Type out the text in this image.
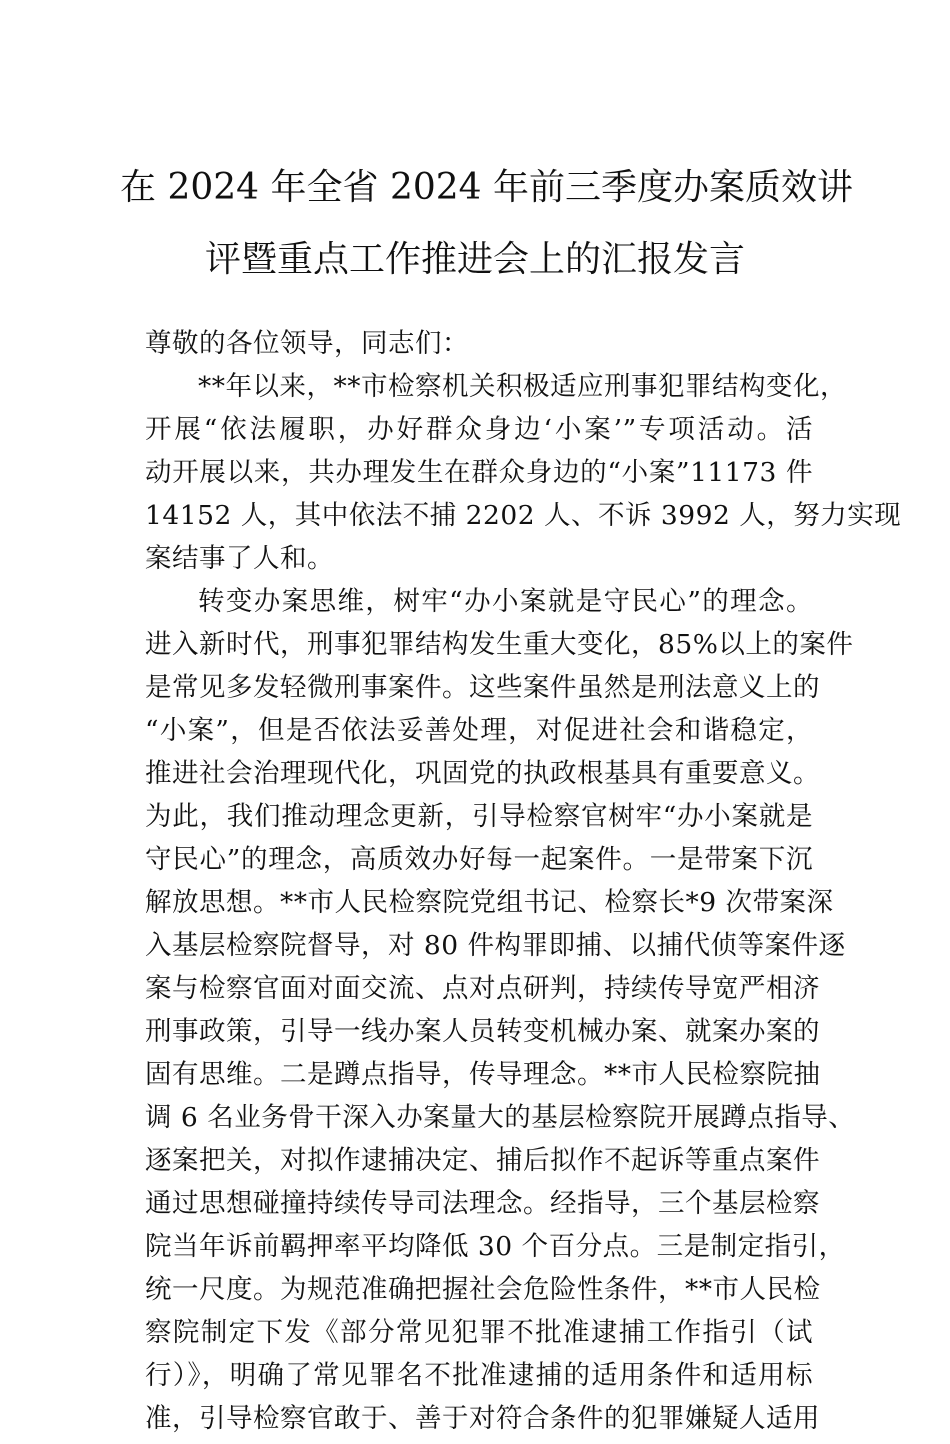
在 2024 年全省 2024 年前三季度办案质效讲
评暨重点工作推进会上的汇报发言
尊敬的各位领导，同志们：
**年以来，**市检察机关积极适应刑事犯罪结构变化，
开展“依法履职，办好群众身边‘小案’”专项活动。活
动开展以来，共办理发生在群众身边的“小案”11173 件
14152 人，其中依法不捕 2202 人、不诉 3992 人，努力实现
案结事了人和。
转变办案思维，树牢“办小案就是守民心”的理念。
进入新时代，刑事犯罪结构发生重大变化，85%以上的案件
是常见多发轻微刑事案件。这些案件虽然是刑法意义上的
“小案”，但是否依法妥善处理，对促进社会和谐稳定，
推进社会治理现代化，巩固党的执政根基具有重要意义。
为此，我们推动理念更新，引导检察官树牢“办小案就是
守民心”的理念，高质效办好每一起案件。一是带案下沉
解放思想。**市人民检察院党组书记、检察长*9 次带案深
入基层检察院督导，对 80 件构罪即捕、以捕代侦等案件逐
案与检察官面对面交流、点对点研判，持续传导宽严相济
刑事政策，引导一线办案人员转变机械办案、就案办案的
固有思维。二是蹲点指导，传导理念。**市人民检察院抽
调 6 名业务骨干深入办案量大的基层检察院开展蹲点指导、
逐案把关，对拟作逮捕决定、捕后拟作不起诉等重点案件
通过思想碰撞持续传导司法理念。经指导，三个基层检察
院当年诉前羁押率平均降低 30 个百分点。三是制定指引，
统一尺度。为规范准确把握社会危险性条件，**市人民检
察院制定下发《部分常见犯罪不批准逮捕工作指引（试
行）》，明确了常见罪名不批准逮捕的适用条件和适用标
准，引导检察官敢于、善于对符合条件的犯罪嫌疑人适用
